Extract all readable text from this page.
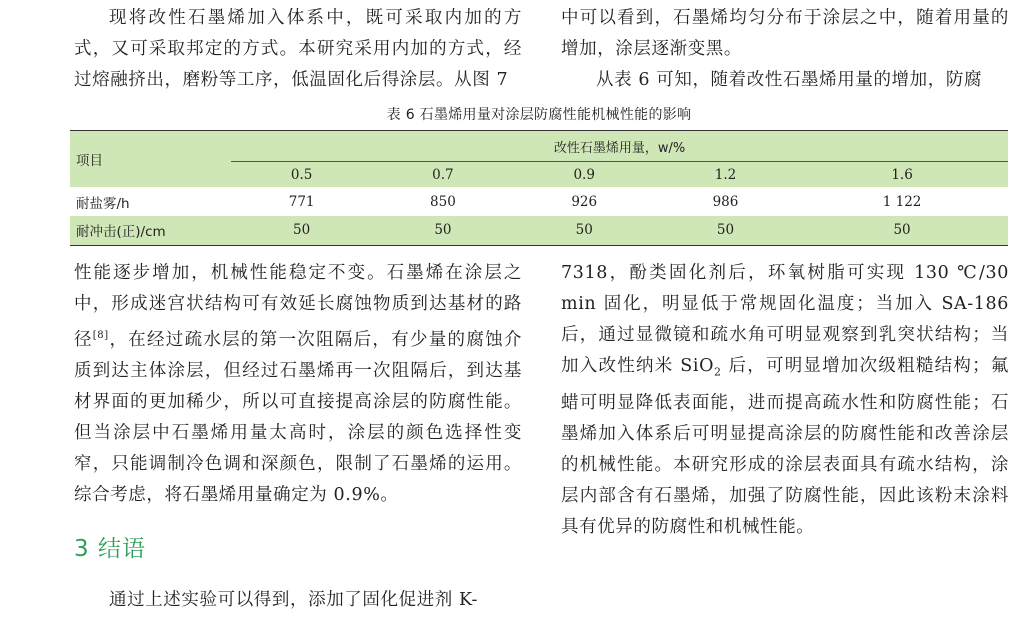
现将改性石墨烯加入体系中，既可采取内加的方式，又可采取邦定的方式。本研究采用内加的方式，经过熔融挤出，磨粉等工序，低温固化后得涂层。从图 7

中可以看到，石墨烯均匀分布于涂层之中，随着用量的增加，涂层逐渐变黑。

从表 6 可知，随着改性石墨烯用量的增加，防腐

表 6 石墨烯用量对涂层防腐性能机械性能的影响
项目	改性石墨烯用量，w/%				
	0.5	0.7	0.9	1.2	1.6
耐盐雾/h	771	850	926	986	1 122
耐冲击(正)/cm	50	50	50	50	50

性能逐步增加，机械性能稳定不变。石墨烯在涂层之中，形成迷宫状结构可有效延长腐蚀物质到达基材的路径[8]，在经过疏水层的第一次阻隔后，有少量的腐蚀介质到达主体涂层，但经过石墨烯再一次阻隔后，到达基材界面的更加稀少，所以可直接提高涂层的防腐性能。但当涂层中石墨烯用量太高时，涂层的颜色选择性变窄，只能调制冷色调和深颜色，限制了石墨烯的运用。综合考虑，将石墨烯用量确定为 0.9%。

3 结语
通过上述实验可以得到，添加了固化促进剂 K-

7318，酚类固化剂后，环氧树脂可实现 130 ℃/30 min 固化，明显低于常规固化温度；当加入 SA-186 后，通过显微镜和疏水角可明显观察到乳突状结构；当加入改性纳米 SiO$_2$ 后，可明显增加次级粗糙结构；氟蜡可明显降低表面能，进而提高疏水性和防腐性能；石墨烯加入体系后可明显提高涂层的防腐性能和改善涂层的机械性能。本研究形成的涂层表面具有疏水结构，涂层内部含有石墨烯，加强了防腐性能，因此该粉末涂料具有优异的防腐性和机械性能。
